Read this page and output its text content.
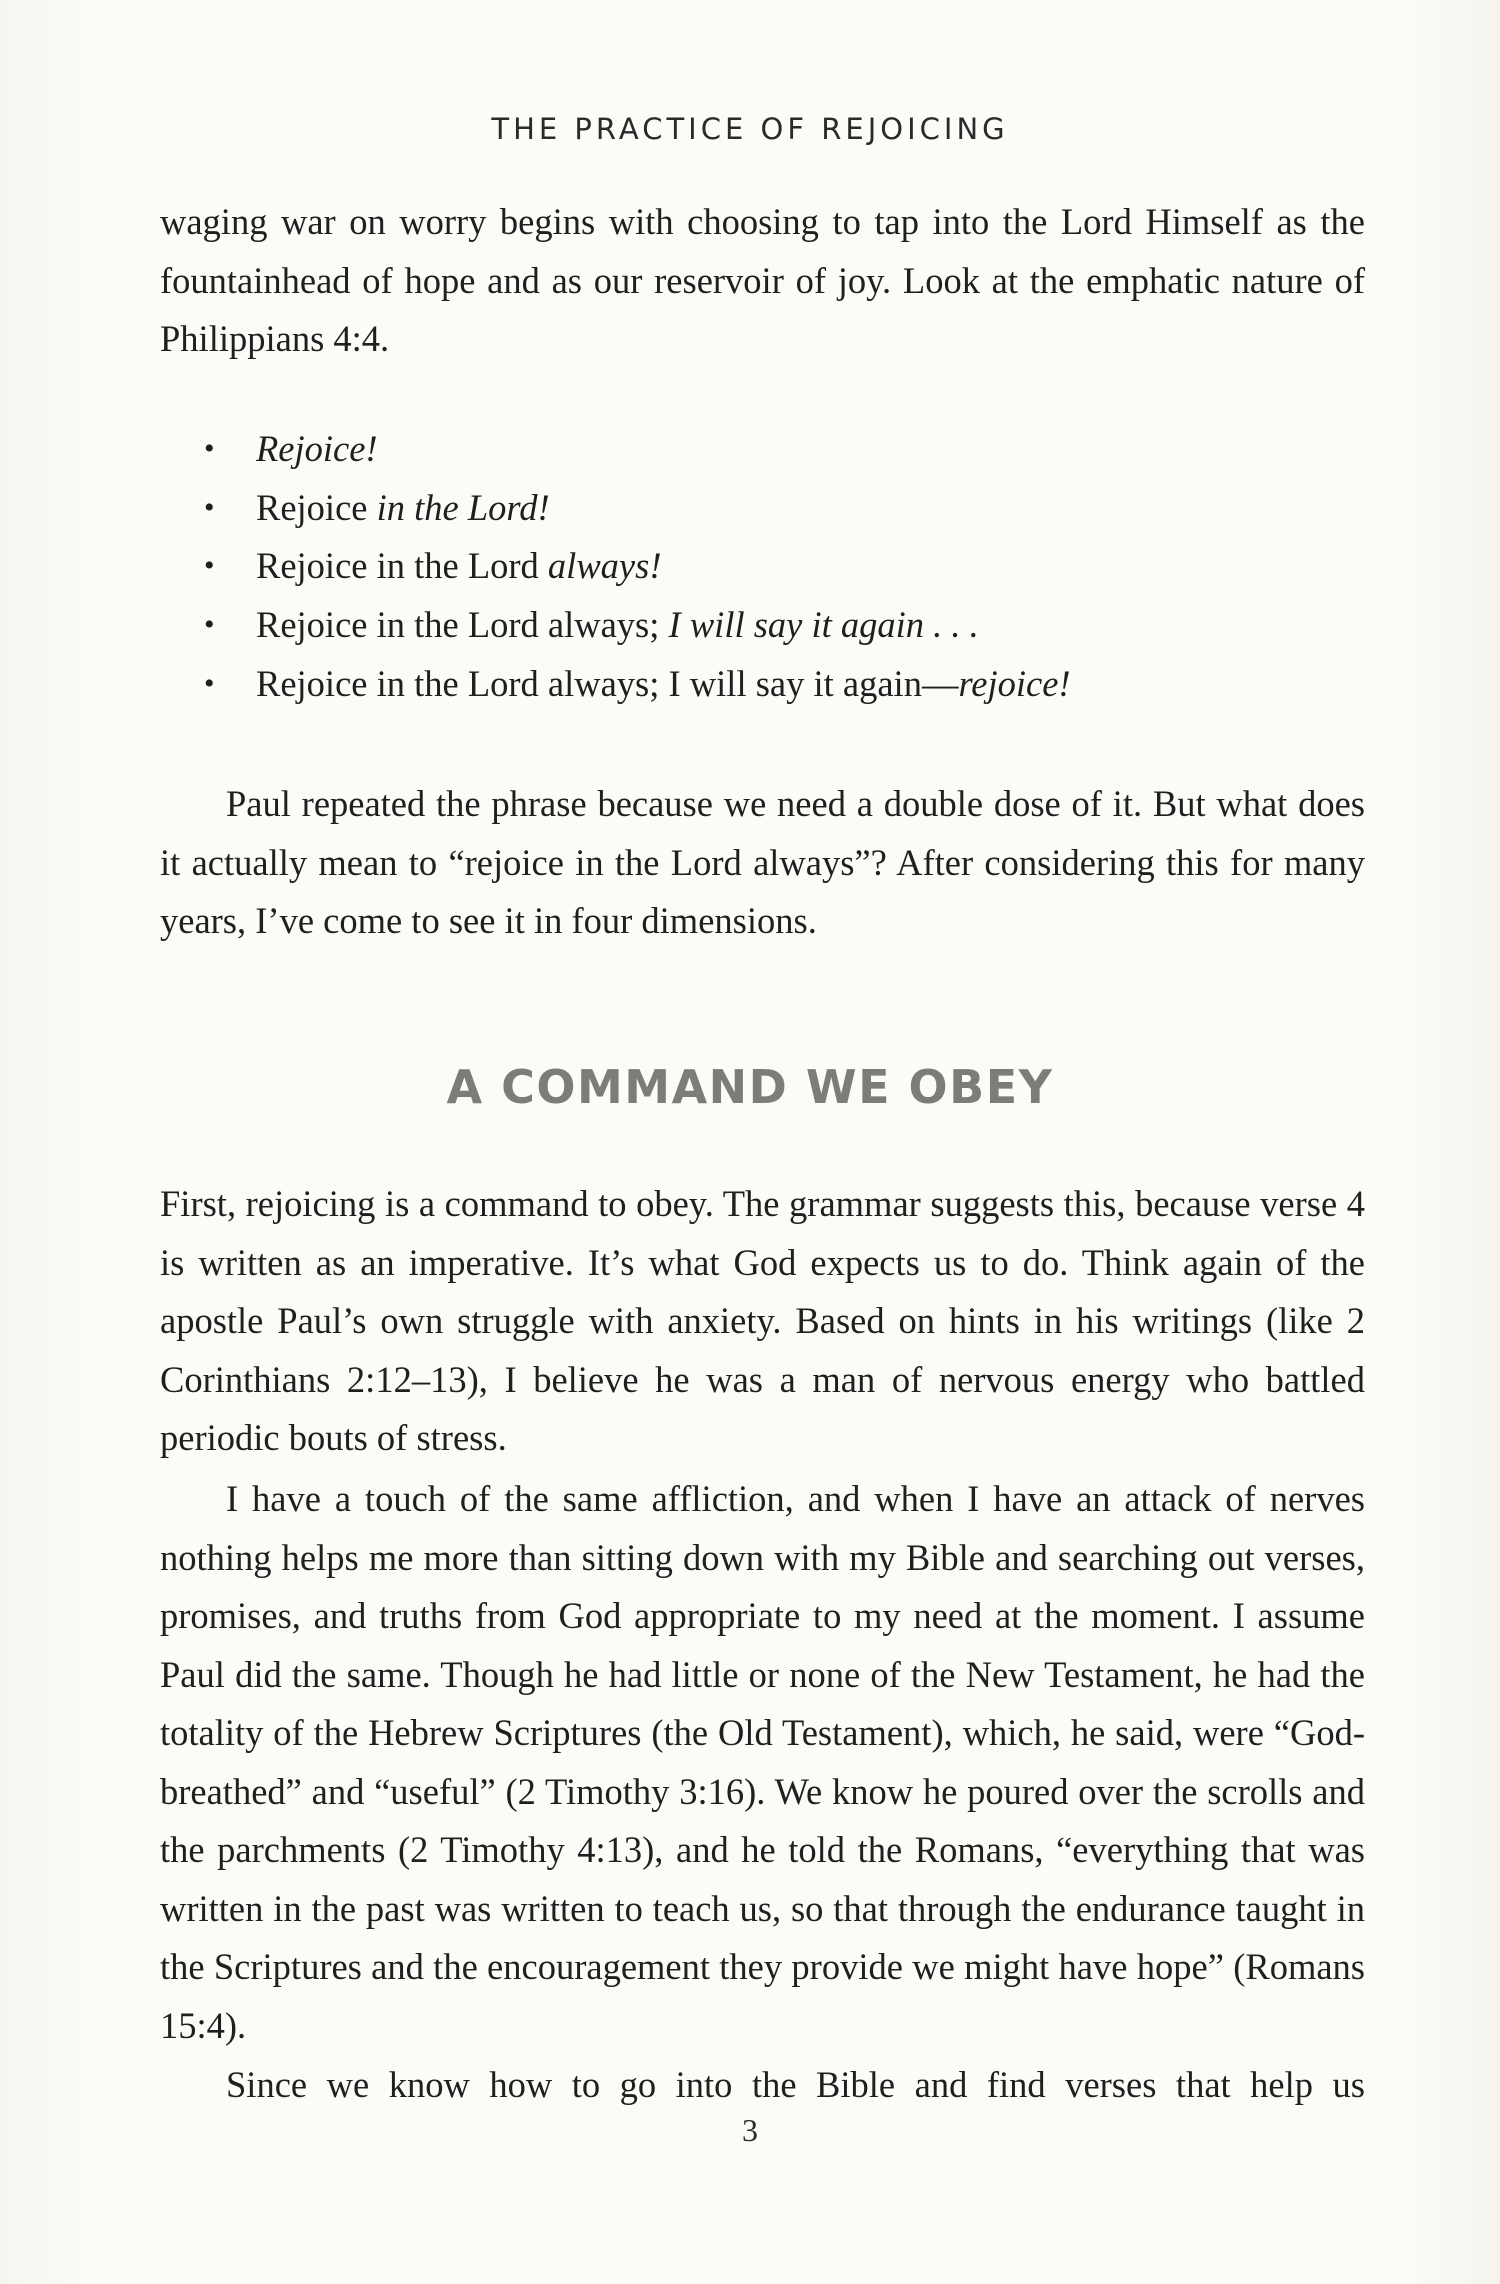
THE PRACTICE OF REJOICING

waging war on worry begins with choosing to tap into the Lord Himself as the fountainhead of hope and as our reservoir of joy. Look at the emphatic nature of Philippians 4:4.

• Rejoice!
• Rejoice in the Lord!
• Rejoice in the Lord always!
• Rejoice in the Lord always; I will say it again . . .
• Rejoice in the Lord always; I will say it again—rejoice!

Paul repeated the phrase because we need a double dose of it. But what does it actually mean to “rejoice in the Lord always”? After considering this for many years, I’ve come to see it in four dimensions.

A COMMAND WE OBEY

First, rejoicing is a command to obey. The grammar suggests this, because verse 4 is written as an imperative. It’s what God expects us to do. Think again of the apostle Paul’s own struggle with anxiety. Based on hints in his writings (like 2 Corinthians 2:12–13), I believe he was a man of nervous energy who battled periodic bouts of stress.

I have a touch of the same affliction, and when I have an attack of nerves nothing helps me more than sitting down with my Bible and searching out verses, promises, and truths from God appropriate to my need at the moment. I assume Paul did the same. Though he had little or none of the New Testament, he had the totality of the Hebrew Scriptures (the Old Testament), which, he said, were “God-breathed” and “useful” (2 Timothy 3:16). We know he poured over the scrolls and the parchments (2 Timothy 4:13), and he told the Romans, “everything that was written in the past was written to teach us, so that through the endurance taught in the Scriptures and the encouragement they provide we might have hope” (Romans 15:4).

Since we know how to go into the Bible and find verses that help us

3
